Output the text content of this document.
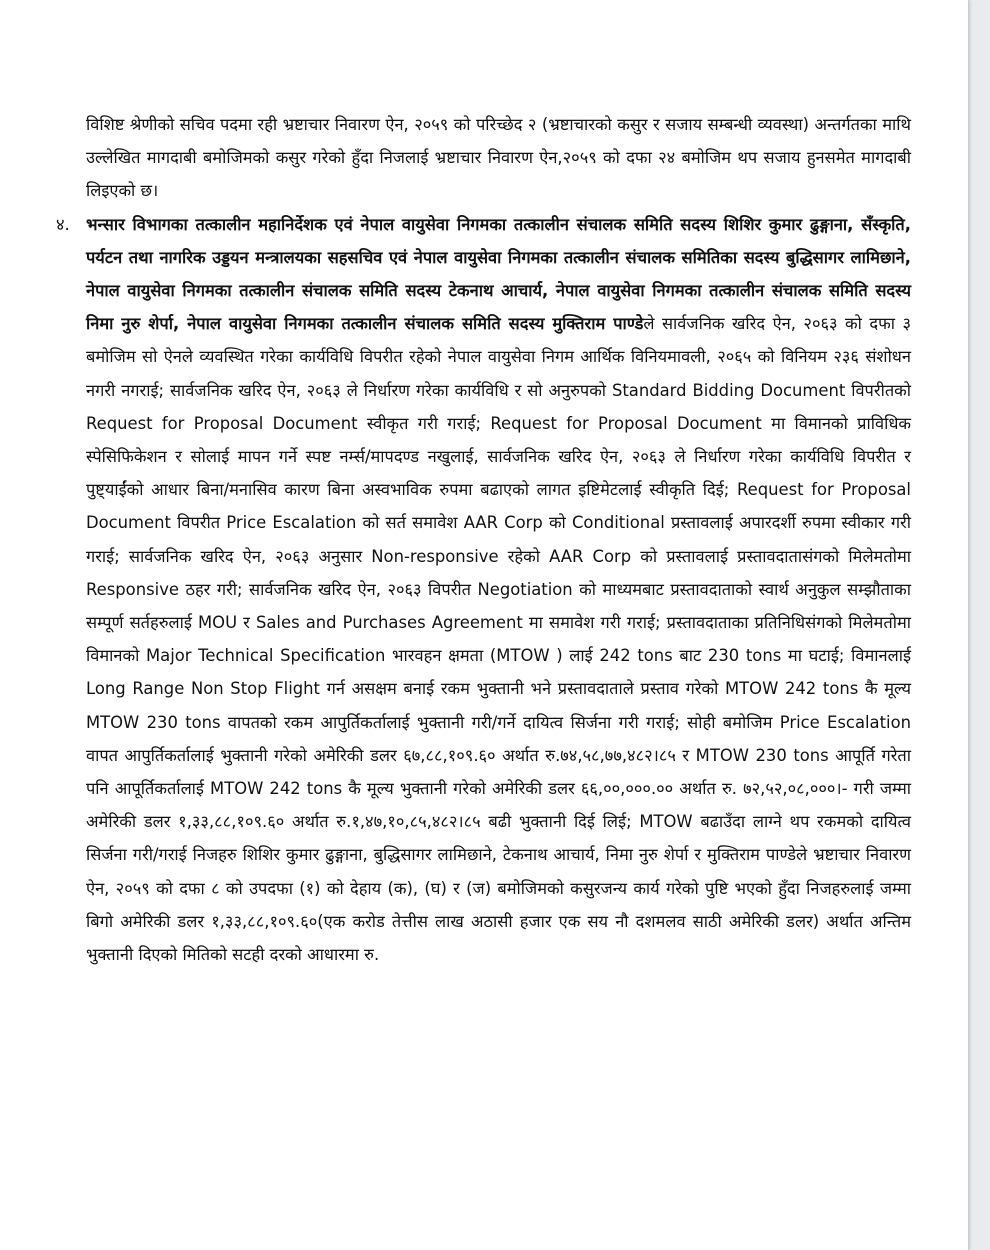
विशिष्ट श्रेणीको सचिव पदमा रही भ्रष्टाचार निवारण ऐन, २०५९ को परिच्छेद २ (भ्रष्टाचारको कसुर र सजाय सम्बन्धी व्यवस्था) अन्तर्गतका माथि उल्लेखित मागदाबी बमोजिमको कसुर गरेको हुँदा निजलाई भ्रष्टाचार निवारण ऐन,२०५९ को दफा २४ बमोजिम थप सजाय हुनसमेत मागदाबी लिइएको छ।

४. भन्सार विभागका तत्कालीन महानिर्देशक एवं नेपाल वायुसेवा निगमका तत्कालीन संचालक समिति सदस्य शिशिर कुमार ढुङ्गाना, सँस्कृति, पर्यटन तथा नागरिक उड्डयन मन्त्रालयका सहसचिव एवं नेपाल वायुसेवा निगमका तत्कालीन संचालक समितिका सदस्य बुद्धिसागर लामिछाने, नेपाल वायुसेवा निगमका तत्कालीन संचालक समिति सदस्य टेकनाथ आचार्य, नेपाल वायुसेवा निगमका तत्कालीन संचालक समिति सदस्य निमा नुरु शेर्पा, नेपाल वायुसेवा निगमका तत्कालीन संचालक समिति सदस्य मुक्तिराम पाण्डेले सार्वजनिक खरिद ऐन, २०६३ को दफा ३ बमोजिम सो ऐनले व्यवस्थित गरेका कार्यविधि विपरीत रहेको नेपाल वायुसेवा निगम आर्थिक विनियमावली, २०६५ को विनियम २३६ संशोधन नगरी नगराई; सार्वजनिक खरिद ऐन, २०६३ ले निर्धारण गरेका कार्यविधि र सो अनुरुपको Standard Bidding Document विपरीतको Request for Proposal Document स्वीकृत गरी गराई; Request for Proposal Document मा विमानको प्राविधिक स्पेसिफिकेशन र सोलाई मापन गर्ने स्पष्ट नर्म्स/मापदण्ड नखुलाई, सार्वजनिक खरिद ऐन, २०६३ ले निर्धारण गरेका कार्यविधि विपरीत र पुष्ट्याईंको आधार बिना/मनासिव कारण बिना अस्वभाविक रुपमा बढाएको लागत इष्टिमेटलाई स्वीकृति दिई; Request for Proposal Document विपरीत Price Escalation को सर्त समावेश AAR Corp को Conditional प्रस्तावलाई अपारदर्शी रुपमा स्वीकार गरी गराई; सार्वजनिक खरिद ऐन, २०६३ अनुसार Non-responsive रहेको AAR Corp को प्रस्तावलाई प्रस्तावदातासंगको मिलेमतोमा Responsive ठहर गरी; सार्वजनिक खरिद ऐन, २०६३ विपरीत Negotiation को माध्यमबाट प्रस्तावदाताको स्वार्थ अनुकुल सम्झौताका सम्पूर्ण सर्तहरुलाई MOU र Sales and Purchases Agreement मा समावेश गरी गराई; प्रस्तावदाताका प्रतिनिधिसंगको मिलेमतोमा विमानको Major Technical Specification भारवहन क्षमता (MTOW ) लाई 242 tons बाट 230 tons मा घटाई; विमानलाई Long Range Non Stop Flight गर्न असक्षम बनाई रकम भुक्तानी भने प्रस्तावदाताले प्रस्ताव गरेको MTOW 242 tons कै मूल्य MTOW 230 tons वापतको रकम आपुर्तिकर्तालाई भुक्तानी गरी/गर्ने दायित्व सिर्जना गरी गराई; सोही बमोजिम Price Escalation वापत आपुर्तिकर्तालाई भुक्तानी गरेको अमेरिकी डलर ६७,८८,१०९.६० अर्थात रु.७४,५८,७७,४८२।८५ र MTOW 230 tons आपूर्ति गरेता पनि आपूर्तिकर्तालाई MTOW 242 tons कै मूल्य भुक्तानी गरेको अमेरिकी डलर ६६,००,०००.०० अर्थात रु. ७२,५२,०८,०००।- गरी जम्मा अमेरिकी डलर १,३३,८८,१०९.६० अर्थात रु.१,४७,१०,८५,४८२।८५ बढी भुक्तानी दिई लिई; MTOW बढाउँदा लाग्ने थप रकमको दायित्व सिर्जना गरी/गराई निजहरु शिशिर कुमार ढुङ्गाना, बुद्धिसागर लामिछाने, टेकनाथ आचार्य, निमा नुरु शेर्पा र मुक्तिराम पाण्डेले भ्रष्टाचार निवारण ऐन, २०५९ को दफा ८ को उपदफा (१) को देहाय (क), (घ) र (ज) बमोजिमको कसुरजन्य कार्य गरेको पुष्टि भएको हुँदा निजहरुलाई जम्मा बिगो अमेरिकी डलर १,३३,८८,१०९.६०(एक करोड तेत्तीस लाख अठासी हजार एक सय नौ दशमलव साठी अमेरिकी डलर) अर्थात अन्तिम भुक्तानी दिएको मितिको सटही दरको आधारमा रु.
